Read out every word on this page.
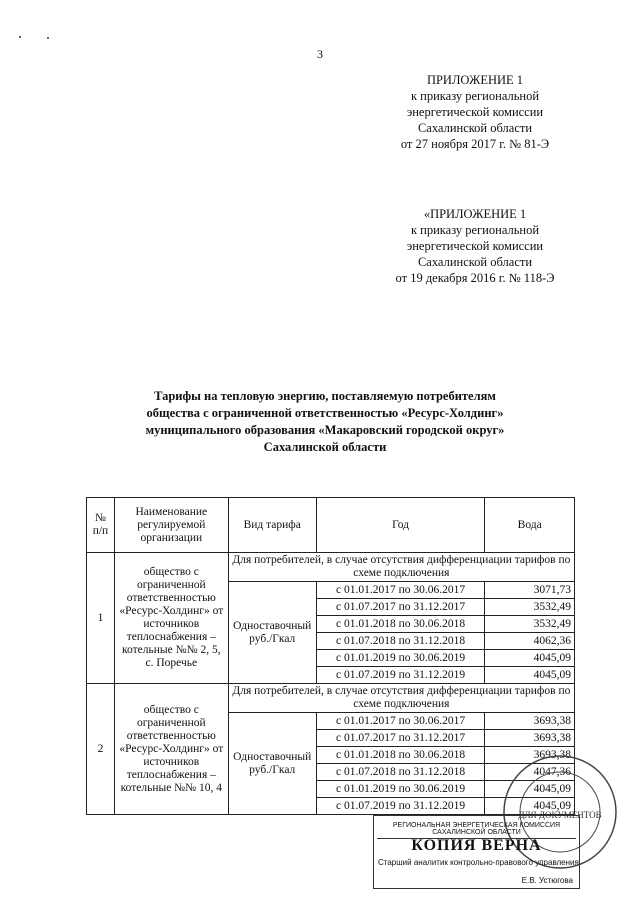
3
ПРИЛОЖЕНИЕ 1
к приказу региональной
энергетической комиссии
Сахалинской области
от 27 ноября 2017 г. № 81-Э
«ПРИЛОЖЕНИЕ 1
к приказу региональной
энергетической комиссии
Сахалинской области
от 19 декабря 2016 г. № 118-Э
Тарифы на тепловую энергию, поставляемую потребителям
общества с ограниченной ответственностью «Ресурс-Холдинг»
муниципального образования «Макаровский городской округ»
Сахалинской области
№ п/п	Наименование регулируемой организации	Вид тарифа	Год	Вода
1	общество с ограниченной ответственностью «Ресурс-Холдинг» от источников теплоснабжения – котельные №№ 2, 5, с. Поречье	Для потребителей, в случае отсутствия дифференциации тарифов по схеме подключения		
		Одноставочный руб./Гкал	с 01.01.2017 по 30.06.2017	3071,73
			с 01.07.2017 по 31.12.2017	3532,49
			с 01.01.2018 по 30.06.2018	3532,49
			с 01.07.2018 по 31.12.2018	4062,36
			с 01.01.2019 по 30.06.2019	4045,09
			с 01.07.2019 по 31.12.2019	4045,09
2	общество с ограниченной ответственностью «Ресурс-Холдинг» от источников теплоснабжения – котельные №№ 10, 4	Для потребителей, в случае отсутствия дифференциации тарифов по схеме подключения		
		Одноставочный руб./Гкал	с 01.01.2017 по 30.06.2017	3693,38
			с 01.07.2017 по 31.12.2017	3693,38
			с 01.01.2018 по 30.06.2018	3693,38
			с 01.07.2018 по 31.12.2018	4047,36
			с 01.01.2019 по 30.06.2019	4045,09
			с 01.07.2019 по 31.12.2019	4045,09
ДЛЯ ДОКУМЕНТОВ
РЕГИОНАЛЬНАЯ ЭНЕРГЕТИЧЕСКАЯ КОМИССИЯ САХАЛИНСКОЙ ОБЛАСТИ
КОПИЯ ВЕРНА
Старший аналитик контрольно-правового управления
Е.В. Устюгова
